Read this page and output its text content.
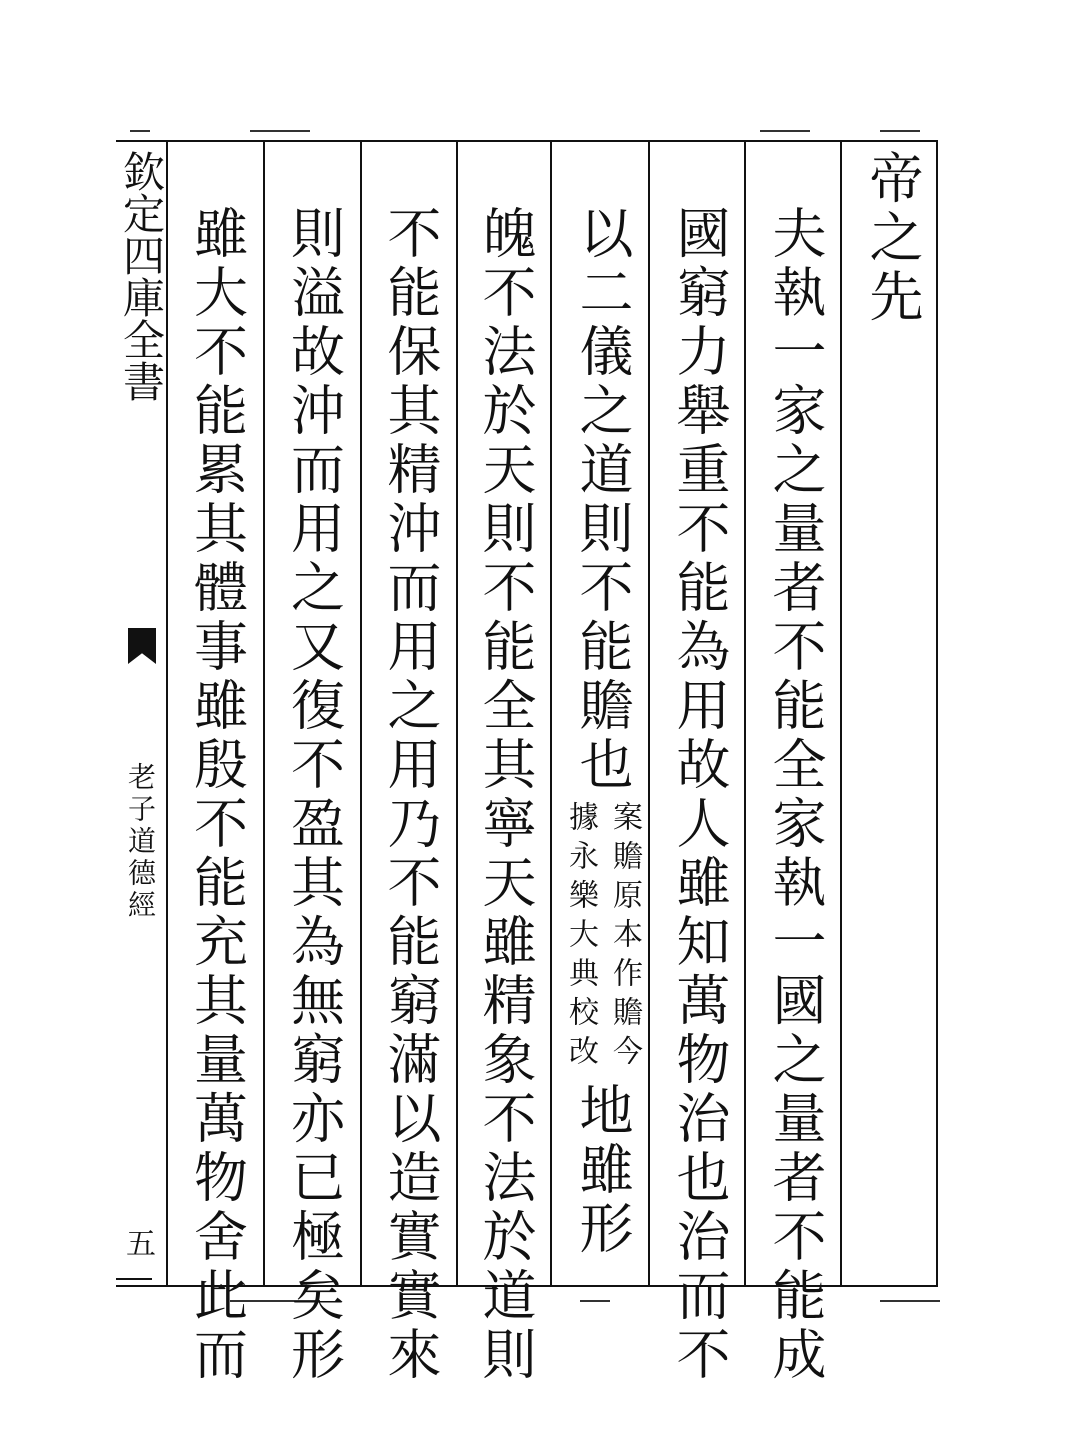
欽定四庫全書
老子道德經
五
帝之先
夫執一家之量者不能全家執一國之量者不能成
國窮力舉重不能為用故人雖知萬物治也治而不
以二儀之道則不能贍也
案贍原本作贍今
據永樂大典校改
地雖形
魄不法於天則不能全其寧天雖精象不法於道則
不能保其精沖而用之用乃不能窮滿以造實實來
則溢故沖而用之又復不盈其為無窮亦已極矣形
雖大不能累其體事雖殷不能充其量萬物舍此而
